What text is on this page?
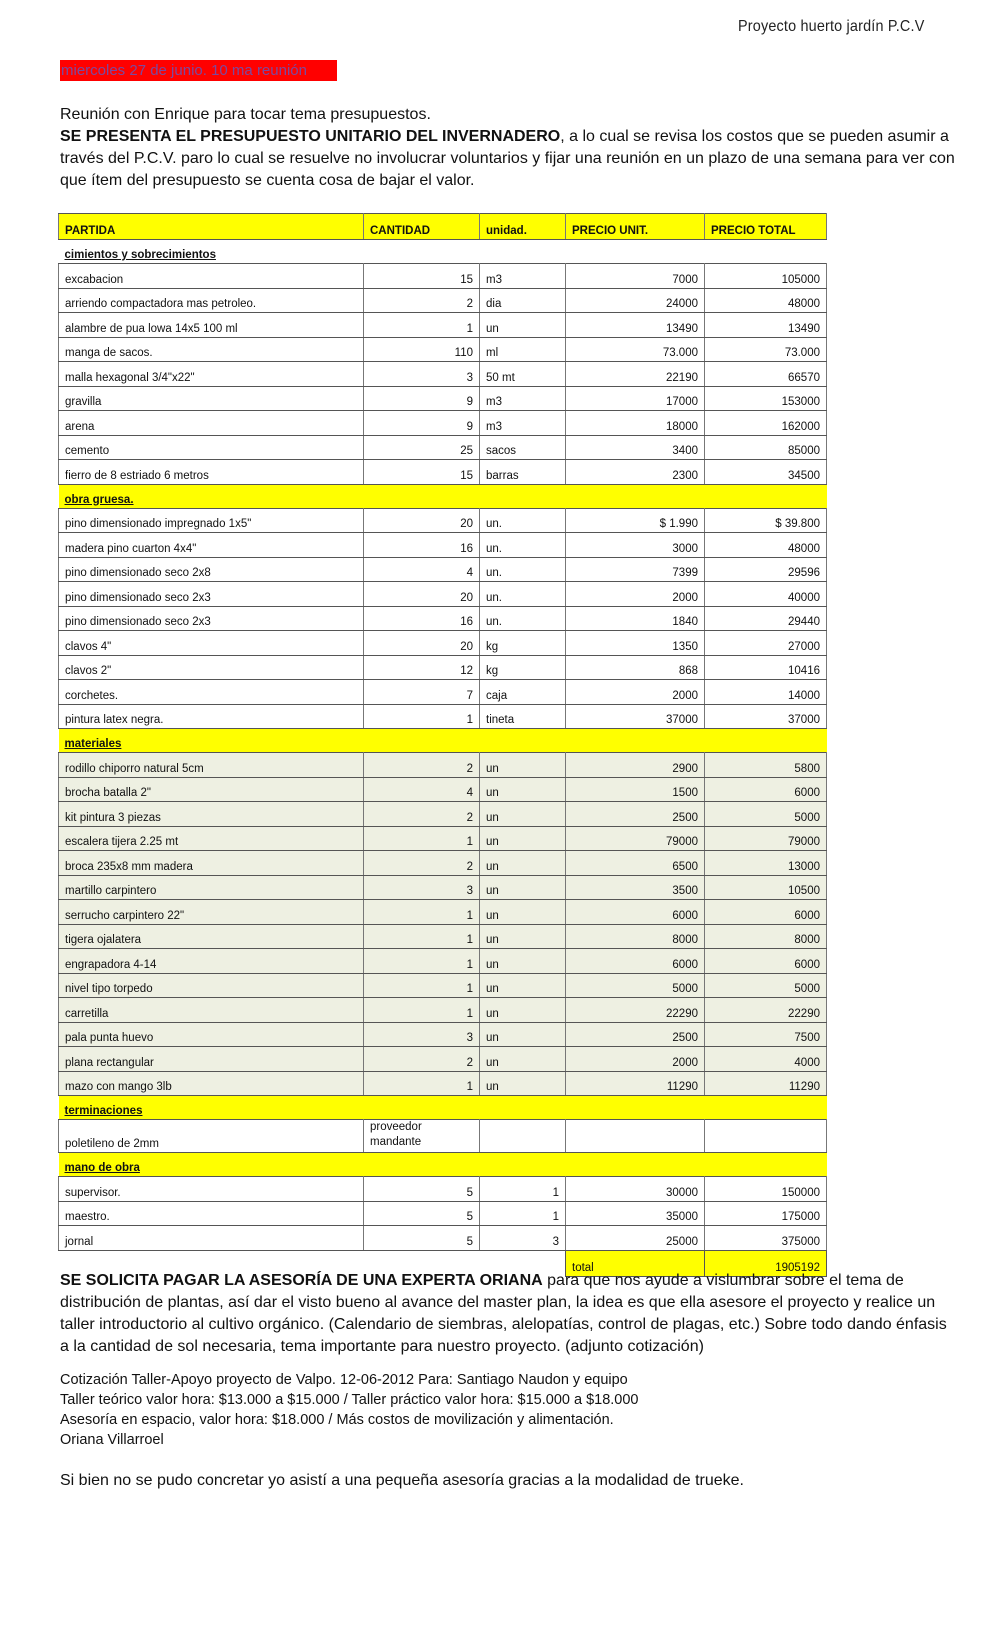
Proyecto huerto jardín P.C.V
miercoles 27 de junio. 10 ma reunión

Reunión con Enrique para tocar tema presupuestos.

SE PRESENTA EL PRESUPUESTO UNITARIO DEL INVERNADERO, a lo cual se revisa los costos que se pueden asumir a través del P.C.V. paro lo cual se resuelve no involucrar voluntarios y fijar una reunión en un plazo de una semana para ver con que ítem del presupuesto se cuenta cosa de bajar el valor.

PARTIDA	CANTIDAD	unidad.	PRECIO UNIT.	PRECIO TOTAL
cimientos y sobrecimientos				
excabacion	15	m3	7000	105000
arriendo compactadora mas petroleo.	2	dia	24000	48000
alambre de pua lowa 14x5 100 ml	1	un	13490	13490
manga de sacos.	110	ml	73.000	73.000
malla hexagonal 3/4"x22"	3	50 mt	22190	66570
gravilla	9	m3	17000	153000
arena	9	m3	18000	162000
cemento	25	sacos	3400	85000
fierro de 8 estriado 6 metros	15	barras	2300	34500
obra gruesa.				
pino dimensionado impregnado 1x5"	20	un.	$ 1.990	$ 39.800
madera pino cuarton 4x4"	16	un.	3000	48000
pino dimensionado seco 2x8	4	un.	7399	29596
pino dimensionado seco 2x3	20	un.	2000	40000
pino dimensionado seco 2x3	16	un.	1840	29440
clavos 4"	20	kg	1350	27000
clavos 2"	12	kg	868	10416
corchetes.	7	caja	2000	14000
pintura latex negra.	1	tineta	37000	37000
materiales				
rodillo chiporro natural 5cm	2	un	2900	5800
brocha batalla 2"	4	un	1500	6000
kit pintura 3 piezas	2	un	2500	5000
escalera tijera 2.25 mt	1	un	79000	79000
broca 235x8 mm madera	2	un	6500	13000
martillo carpintero	3	un	3500	10500
serrucho carpintero 22"	1	un	6000	6000
tigera ojalatera	1	un	8000	8000
engrapadora 4-14	1	un	6000	6000
nivel tipo torpedo	1	un	5000	5000
carretilla	1	un	22290	22290
pala punta huevo	3	un	2500	7500
plana rectangular	2	un	2000	4000
mazo con mango 3lb	1	un	11290	11290
terminaciones				
poletileno de 2mm	proveedor mandante			

mano de obra				
supervisor.	5	1	30000	150000
maestro.	5	1	35000	175000
jornal	5	3	25000	375000
			total	1905192

SE SOLICITA PAGAR LA ASESORÍA DE UNA EXPERTA ORIANA para que nos ayude a vislumbrar sobre el tema de distribución de plantas, así dar el visto bueno al avance del master plan, la idea es que ella asesore el proyecto y realice un taller introductorio al cultivo orgánico. (Calendario de siembras, alelopatías, control de plagas, etc.) Sobre todo dando énfasis a la cantidad de sol necesaria, tema importante para nuestro proyecto. (adjunto cotización)

Cotización Taller-Apoyo proyecto de Valpo. 12-06-2012 Para: Santiago Naudon y equipo

Taller teórico valor hora: $13.000 a $15.000 / Taller práctico valor hora: $15.000 a $18.000

Asesoría en espacio, valor hora: $18.000 / Más costos de movilización y alimentación.

Oriana Villarroel

Si bien no se pudo concretar yo asistí a una pequeña asesoría gracias a la modalidad de trueke.
